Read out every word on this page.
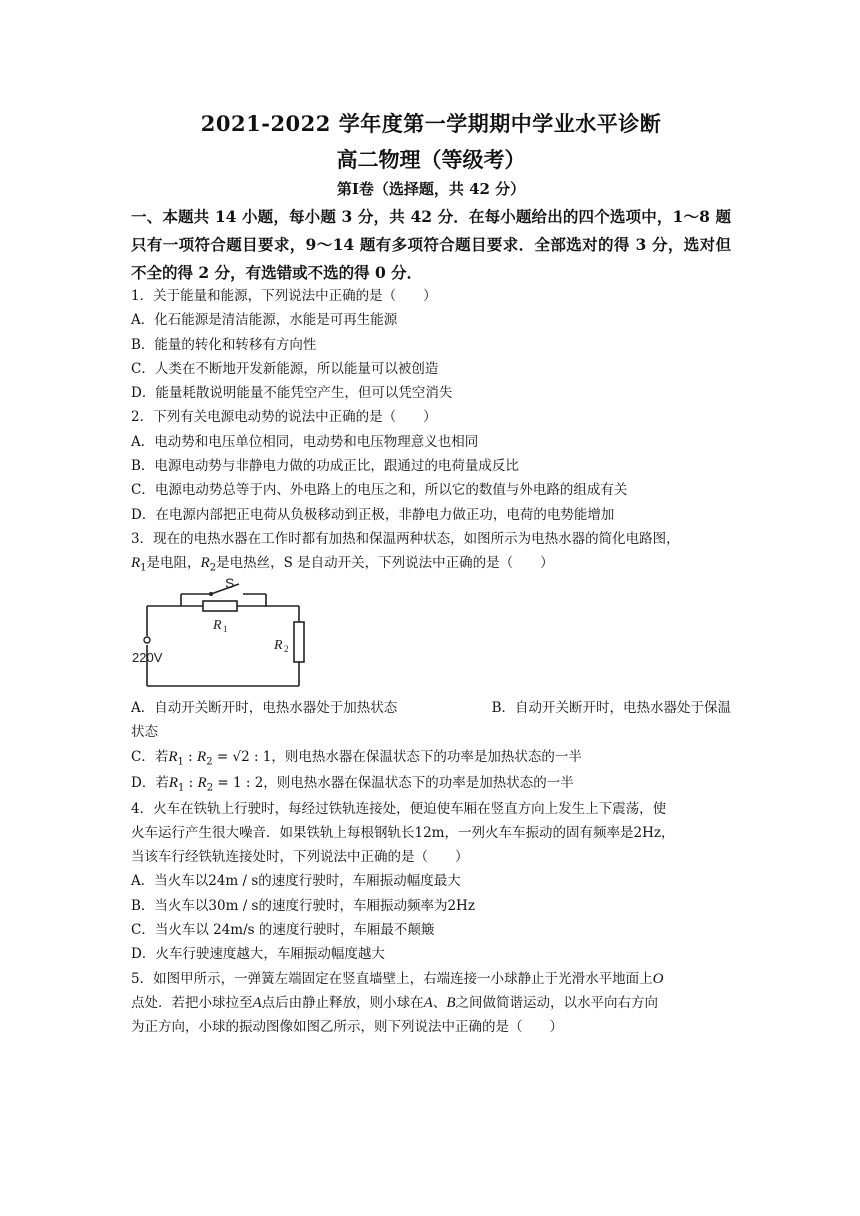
2021-2022 学年度第一学期期中学业水平诊断
高二物理（等级考）
第Ⅰ卷（选择题，共 42 分）
一、本题共 14 小题，每小题 3 分，共 42 分．在每小题给出的四个选项中，1～8 题只有一项符合题目要求，9～14 题有多项符合题目要求．全部选对的得 3 分，选对但不全的得 2 分，有选错或不选的得 0 分．
1．关于能量和能源，下列说法中正确的是（　　）
A．化石能源是清洁能源，水能是可再生能源
B．能量的转化和转移有方向性
C．人类在不断地开发新能源，所以能量可以被创造
D．能量耗散说明能量不能凭空产生，但可以凭空消失
2．下列有关电源电动势的说法中正确的是（　　）
A．电动势和电压单位相同，电动势和电压物理意义也相同
B．电源电动势与非静电力做的功成正比，跟通过的电荷量成反比
C．电源电动势总等于内、外电路上的电压之和，所以它的数值与外电路的组成有关
D．在电源内部把正电荷从负极移动到正极，非静电力做正功，电荷的电势能增加
3．现在的电热水器在工作时都有加热和保温两种状态，如图所示为电热水器的简化电路图，
$R_1$是电阻，$R_2$是电热丝，S 是自动开关，下列说法中正确的是（　　）
S
R 1
R 2
220V
A．自动开关断开时，电热水器处于加热状态	B．自动开关断开时，电热水器处于保温
状态
C．若$R_1$ : $R_2 = √2$ : 1，则电热水器在保温状态下的功率是加热状态的一半
D．若$R_1$ : $R_2 = 1$ : 2，则电热水器在保温状态下的功率是加热状态的一半
4．火车在铁轨上行驶时，每经过铁轨连接处，便迫使车厢在竖直方向上发生上下震荡，使
火车运行产生很大噪音．如果铁轨上每根钢轨长12m，一列火车车振动的固有频率是2Hz，
当该车行经铁轨连接处时，下列说法中正确的是（　　）
A．当火车以24m / s的速度行驶时，车厢振动幅度最大
B．当火车以30m / s的速度行驶时，车厢振动频率为2Hz
C．当火车以 24m/s 的速度行驶时，车厢最不颠簸
D．火车行驶速度越大，车厢振动幅度越大
5．如图甲所示，一弹簧左端固定在竖直墙壁上，右端连接一小球静止于光滑水平地面上O
点处．若把小球拉至A点后由静止释放，则小球在A、B之间做简谐运动，以水平向右方向
为正方向，小球的振动图像如图乙所示，则下列说法中正确的是（　　）
